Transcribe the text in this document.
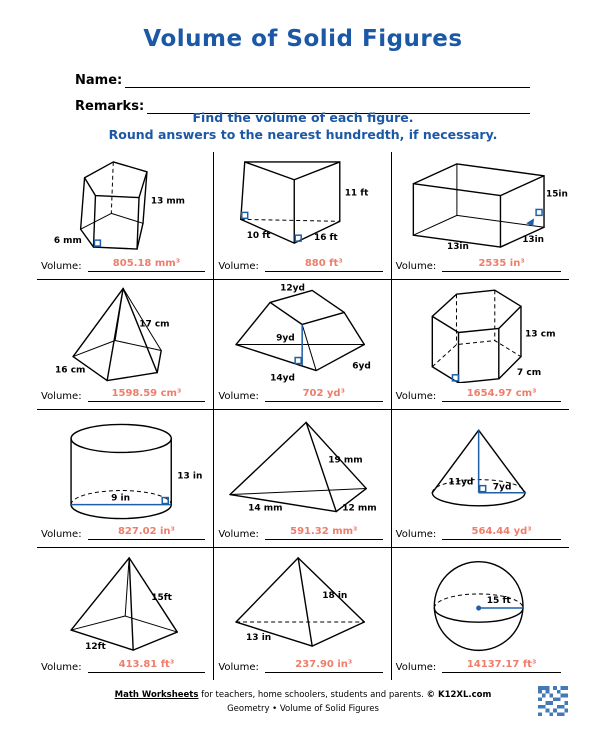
Volume of Solid Figures
Name:
Remarks:
Find the volume of each figure.
Round answers to the nearest hundredth, if necessary.
13 mm
6 mm
Volume:	805.18 mm³
11 ft
10 ft	16 ft
Volume:	880 ft³
15in
13in
13in
Volume:	2535 in³
17 cm
16 cm
Volume:	1598.59 cm³
12yd
9yd
14yd
6yd
Volume:	702 yd³
13 cm
7 cm
Volume:	1654.97 cm³
13 in
9 in
Volume:	827.02 in³
19 mm
14 mm	12 mm
Volume:	591.32 mm³
11yd
7yd
Volume:	564.44 yd³
15ft
12ft
Volume:	413.81 ft³
18 in
13 in
Volume:	237.90 in³
15 ft
Volume:	14137.17 ft³
Math Worksheets for teachers, home schoolers, students and parents. © K12XL.com
Geometry • Volume of Solid Figures
